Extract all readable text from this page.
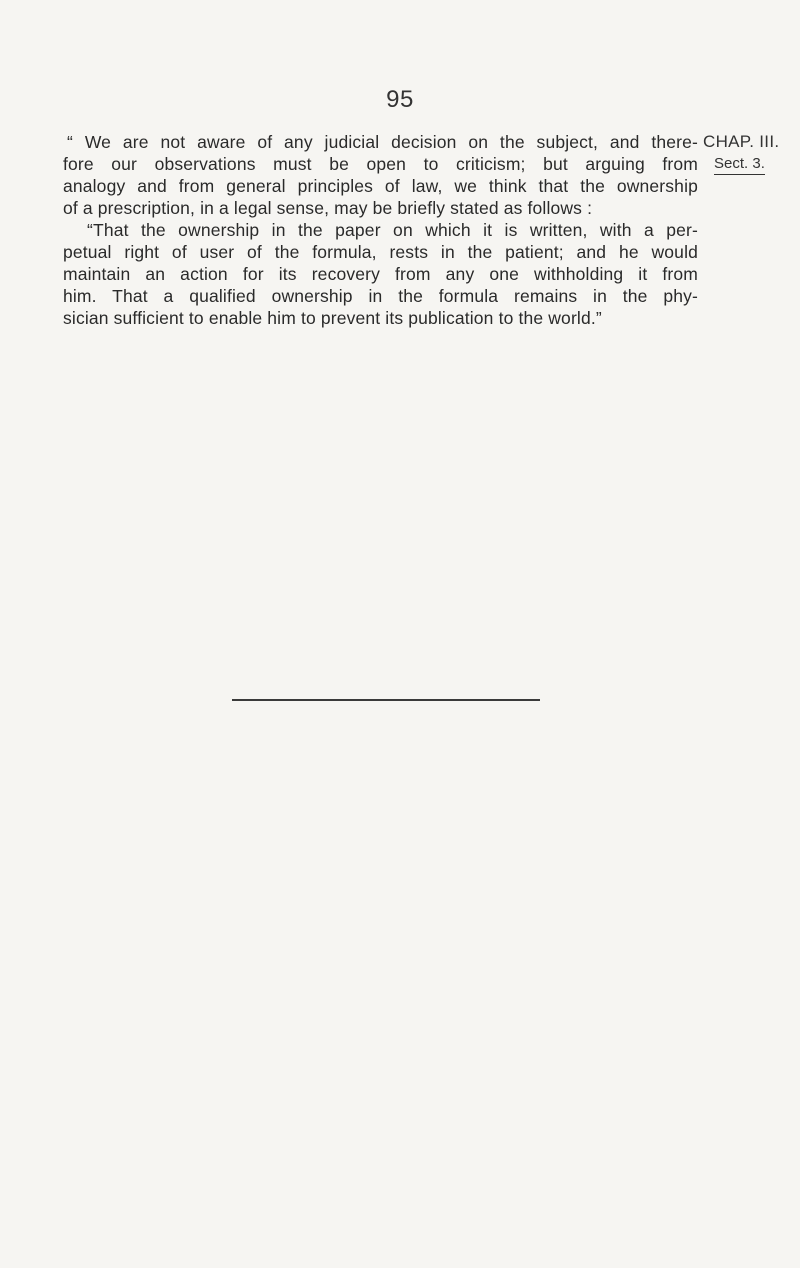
95
CHAP. III.
Sect. 3.
“ We are not aware of any judicial decision on the subject, and there-
fore our observations must be open to criticism; but arguing from
analogy and from general principles of law, we think that the ownership
of a prescription, in a legal sense, may be briefly stated as follows :
“That the ownership in the paper on which it is written, with a per-
petual right of user of the formula, rests in the patient; and he would
maintain an action for its recovery from any one withholding it from
him. That a qualified ownership in the formula remains in the phy-
sician sufficient to enable him to prevent its publication to the world.”
